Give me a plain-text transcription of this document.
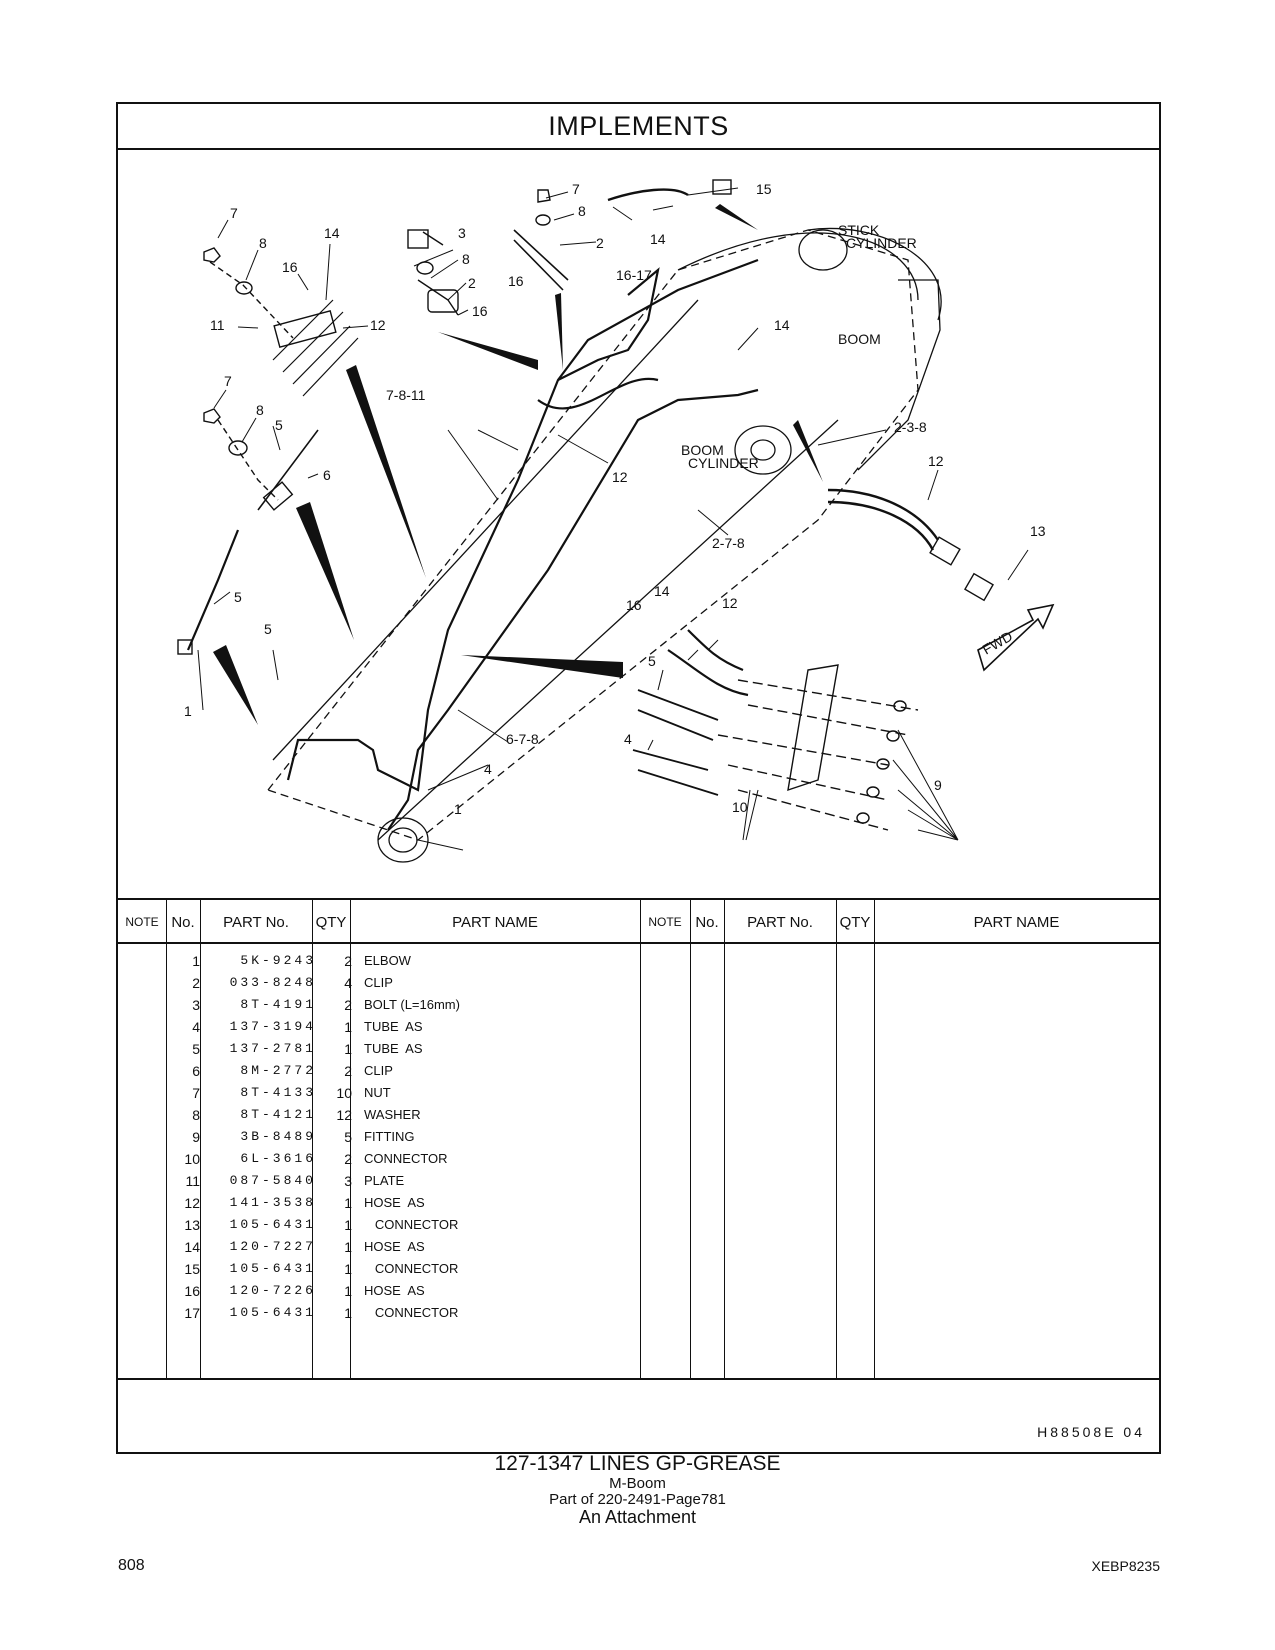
IMPLEMENTS
STICK
CYLINDER
BOOM
BOOM
CYLINDER
7-8-11
16-17
2-3-8
2-7-8
6-7-8
FWD
7
8
14
16
11	12
7
8
5
6
5
5
1
3
8
2
16
7
8
2
16
14
15
14
12
12
13
14
12
16
5
4
4
1	10
9
NOTE No.	PART No.	QTY	PART NAME
1	5K-9243	2 ELBOW
2	033-8248	4 CLIP
3	8T-4191	2 BOLT (L=16mm)
4	137-3194	1 TUBE  AS
5	137-2781	1 TUBE  AS
6	8M-2772	2 CLIP
7	8T-4133	10 NUT
8	8T-4121	12 WASHER
9	3B-8489	5 FITTING
10	6L-3616	2 CONNECTOR
11	087-5840	3 PLATE
12	141-3538	1 HOSE  AS
13	105-6431	1 CONNECTOR
14	120-7227	1 HOSE  AS
15	105-6431	1 CONNECTOR
16	120-7226	1 HOSE  AS
17	105-6431	1 CONNECTOR
NOTE No.	PART No.	QTY	PART NAME
H88508E 04
127-1347 LINES GP-GREASE
M-Boom
Part of 220-2491-Page781
An Attachment
808	XEBP8235
